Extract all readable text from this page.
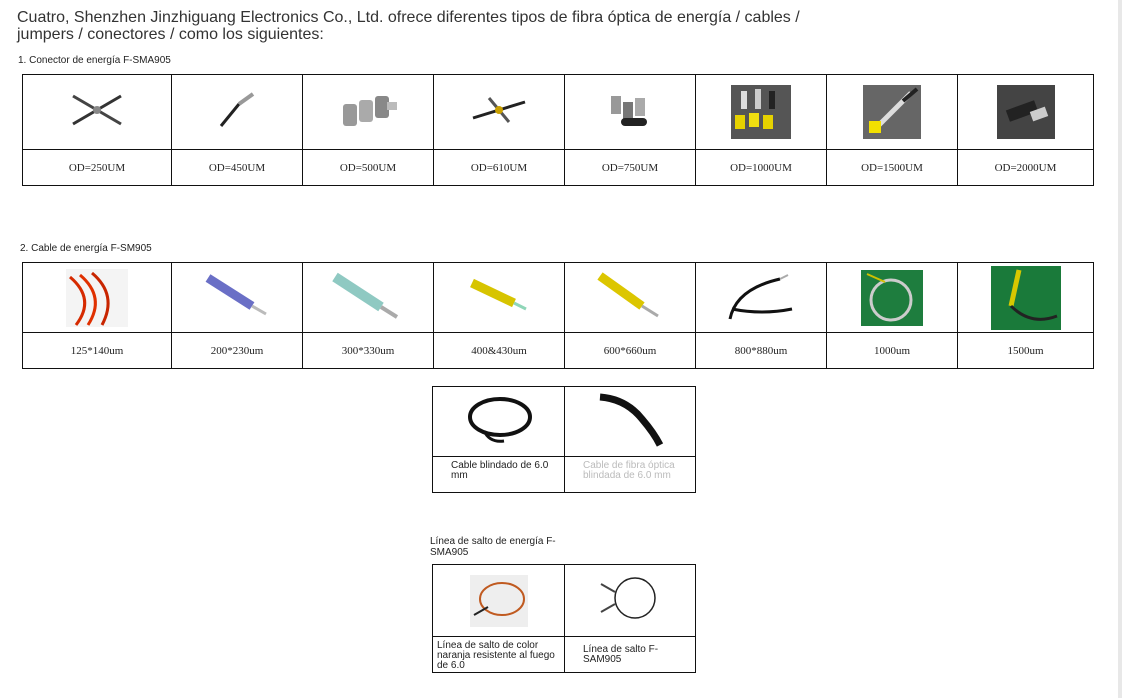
Cuatro, Shenzhen Jinzhiguang Electronics Co., Ltd. ofrece diferentes tipos de fibra óptica de energía / cables / jumpers / conectores / como los siguientes:
1. Conector de energía F-SMA905

OD=250UM	OD=450UM	OD=500UM	OD=610UM	OD=750UM	OD=1000UM	OD=1500UM	OD=2000UM
2. Cable de energía F-SM905

125*140um	200*230um	300*330um	400&430um	600*660um	800*880um	1000um	1500um

Cable blindado de 6.0 mm	Cable de fibra óptica blindada de 6.0 mm
Línea de salto de energía F-SMA905

Línea de salto de color naranja resistente al fuego de 6.0	Línea de salto F-SAM905
